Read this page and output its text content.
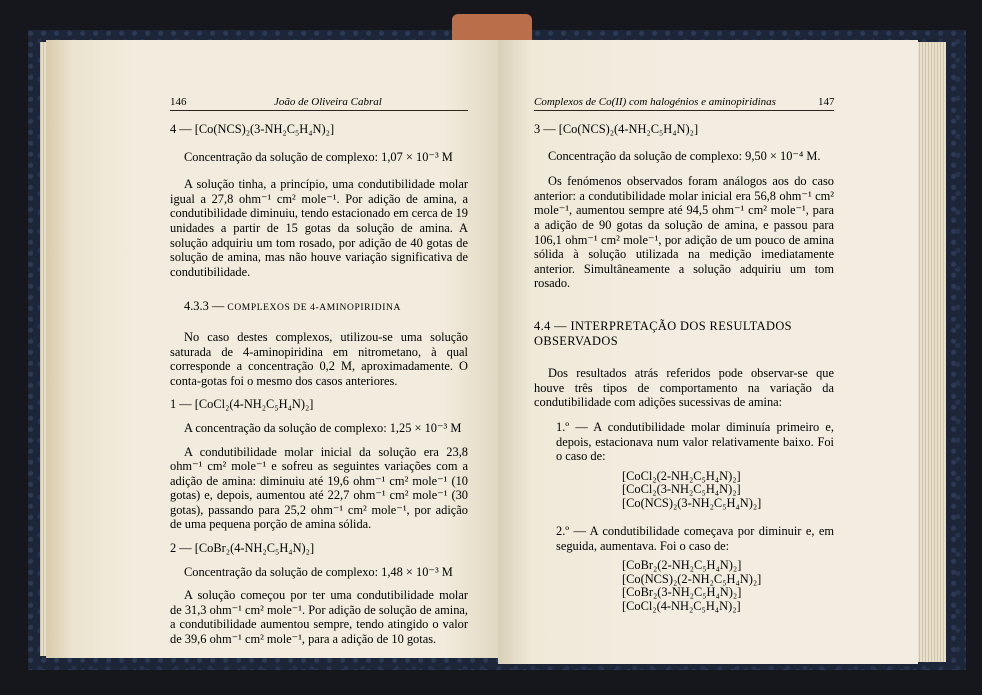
146	João de Oliveira Cabral

4 — [Co(NCS)₂(3-NH₂C₅H₄N)₂]

Concentração da solução de complexo: 1,07 × 10⁻³ M

A solução tinha, a princípio, uma condutibilidade molar igual a 27,8 ohm⁻¹ cm² mole⁻¹. Por adição de amina, a condutibilidade diminuiu, tendo estacionado em cerca de 19 unidades a partir de 15 gotas da solução de amina. A solução adquiriu um tom rosado, por adição de 40 gotas de solução de amina, mas não houve variação significativa de condutibilidade.

4.3.3 — COMPLEXOS DE 4-AMINOPIRIDINA

No caso destes complexos, utilizou-se uma solução saturada de 4-aminopiridina em nitrometano, à qual corresponde a concentração 0,2 M, aproximadamente. O conta-gotas foi o mesmo dos casos anteriores.

1 — [CoCl₂(4-NH₂C₅H₄N)₂]

A concentração da solução de complexo: 1,25 × 10⁻³ M

A condutibilidade molar inicial da solução era 23,8 ohm⁻¹ cm² mole⁻¹ e sofreu as seguintes variações com a adição de amina: diminuiu até 19,6 ohm⁻¹ cm² mole⁻¹ (10 gotas) e, depois, aumentou até 22,7 ohm⁻¹ cm² mole⁻¹ (30 gotas), passando para 25,2 ohm⁻¹ cm² mole⁻¹, por adição de uma pequena porção de amina sólida.

2 — [CoBr₂(4-NH₂C₅H₄N)₂]

Concentração da solução de complexo: 1,48 × 10⁻³ M

A solução começou por ter uma condutibilidade molar de 31,3 ohm⁻¹ cm² mole⁻¹. Por adição de solução de amina, a condutibilidade aumentou sempre, tendo atingido o valor de 39,6 ohm⁻¹ cm² mole⁻¹, para a adição de 10 gotas.

Complexos de Co(II) com halogénios e aminopiridinas	147

3 — [Co(NCS)₂(4-NH₂C₅H₄N)₂]

Concentração da solução de complexo: 9,50 × 10⁻⁴ M.

Os fenómenos observados foram análogos aos do caso anterior: a condutibilidade molar inicial era 56,8 ohm⁻¹ cm² mole⁻¹, aumentou sempre até 94,5 ohm⁻¹ cm² mole⁻¹, para a adição de 90 gotas da solução de amina, e passou para 106,1 ohm⁻¹ cm² mole⁻¹, por adição de um pouco de amina sólida à solução utilizada na medição imediatamente anterior. Simultâneamente a solução adquiriu um tom rosado.

4.4 — INTERPRETAÇÃO DOS RESULTADOS OBSERVADOS

Dos resultados atrás referidos pode observar-se que houve três tipos de comportamento na variação da condutibilidade com adições sucessivas de amina:

1.º — A condutibilidade molar diminuía primeiro e, depois, estacionava num valor relativamente baixo. Foi o caso de:

[CoCl₂(2-NH₂C₅H₄N)₂]

[CoCl₂(3-NH₂C₅H₄N)₂]

[Co(NCS)₂(3-NH₂C₅H₄N)₂]

2.º — A condutibilidade começava por diminuir e, em seguida, aumentava. Foi o caso de:

[CoBr₂(2-NH₂C₅H₄N)₂]

[Co(NCS)₂(2-NH₂C₅H₄N)₂]

[CoBr₂(3-NH₂C₅H₄N)₂]

[CoCl₂(4-NH₂C₅H₄N)₂]
